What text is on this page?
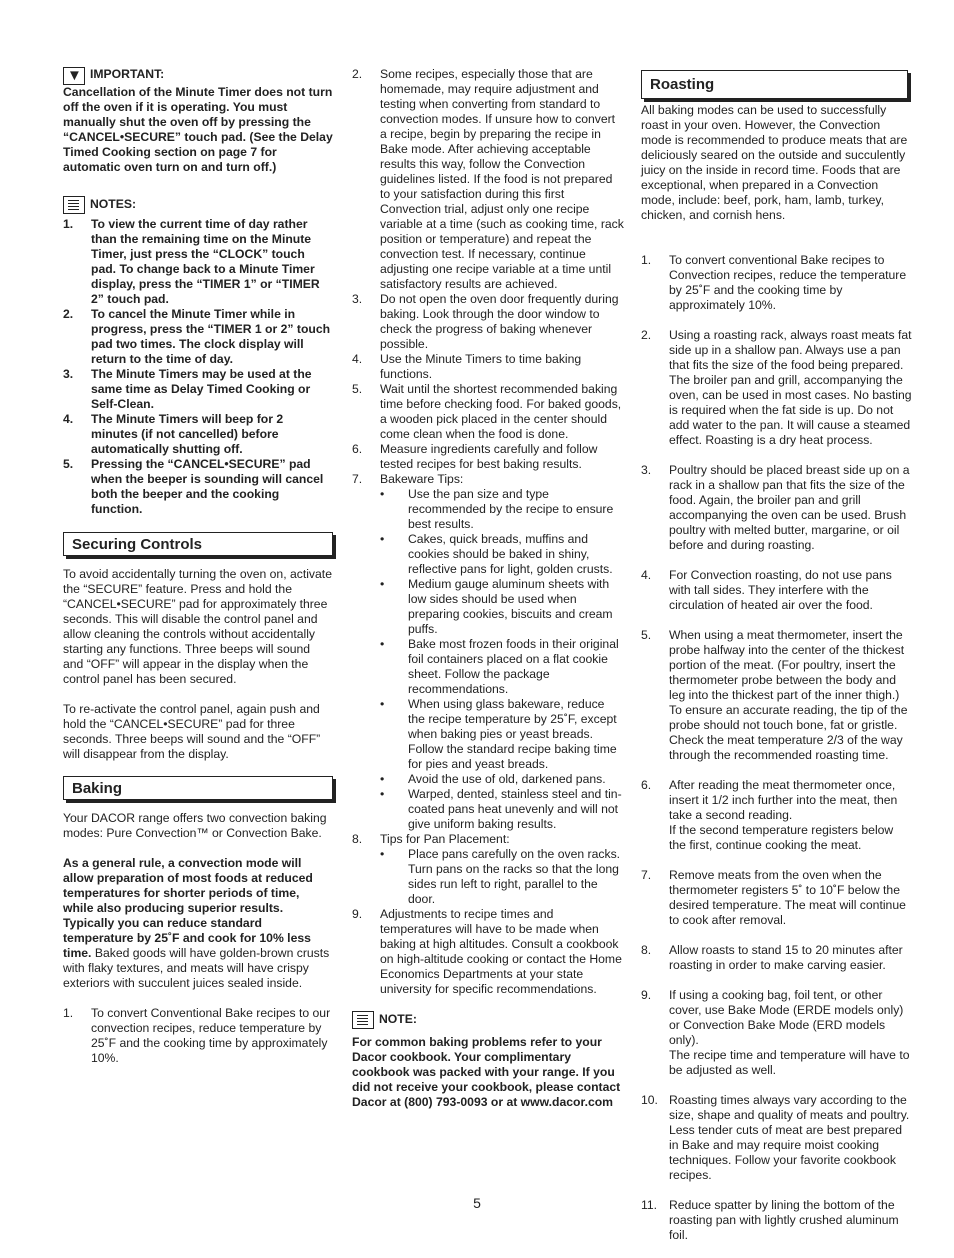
▼ IMPORTANT:

Cancellation of the Minute Timer does not turn off the oven if it is operating. You must manually shut the oven off by pressing the “CANCEL•SECURE” touch pad. (See the Delay Timed Cooking section on page 7 for automatic oven turn on and turn off.)

NOTES:
1. To view the current time of day rather than the remaining time on the Minute Timer, just press the “CLOCK” touch pad. To change back to a Minute Timer display, press the “TIMER 1” or “TIMER 2” touch pad.
2. To cancel the Minute Timer while in progress, press the “TIMER 1 or 2” touch pad two times. The clock display will return to the time of day.
3. The Minute Timers may be used at the same time as Delay Timed Cooking or Self-Clean.
4. The Minute Timers will beep for 2 minutes (if not cancelled) before automatically shutting off.
5. Pressing the “CANCEL•SECURE” pad when the beeper is sounding will cancel both the beeper and the cooking function.
Securing Controls

To avoid accidentally turning the oven on, activate the “SECURE” feature. Press and hold the “CANCEL•SECURE” pad for approximately three seconds. This will disable the control panel and allow cleaning the controls without accidentally starting any functions. Three beeps will sound and “OFF” will appear in the display when the control panel has been secured.

To re-activate the control panel, again push and hold the “CANCEL•SECURE” pad for three seconds. Three beeps will sound and the “OFF” will disappear from the display.

Baking

Your DACOR range offers two convection baking modes: Pure Convection™ or Convection Bake.

As a general rule, a convection mode will allow preparation of most foods at reduced temperatures for shorter periods of time, while also producing superior results. Typically you can reduce standard temperature by 25˚F and cook for 10% less time. Baked goods will have golden-brown crusts with flaky textures, and meats will have crispy exteriors with succulent juices sealed inside.

1. To convert Conventional Bake recipes to our convection recipes, reduce temperature by 25˚F and the cooking time by approximately 10%.
2. Some recipes, especially those that are homemade, may require adjustment and testing when converting from standard to convection modes. If unsure how to convert a recipe, begin by preparing the recipe in Bake mode. After achieving acceptable results this way, follow the Convection guidelines listed. If the food is not prepared to your satisfaction during this first Convection trial, adjust only one recipe variable at a time (such as cooking time, rack position or temperature) and repeat the convection test. If necessary, continue adjusting one recipe variable at a time until satisfactory results are achieved.
3. Do not open the oven door frequently during baking. Look through the door window to check the progress of baking whenever possible.
4. Use the Minute Timers to time baking functions.
5. Wait until the shortest recommended baking time before checking food. For baked goods, a wooden pick placed in the center should come clean when the food is done.
6. Measure ingredients carefully and follow tested recipes for best baking results.
7. Bakeware Tips:
• Use the pan size and type recommended by the recipe to ensure best results.
• Cakes, quick breads, muffins and cookies should be baked in shiny, reflective pans for light, golden crusts.
• Medium gauge aluminum sheets with low sides should be used when preparing cookies, biscuits and cream puffs.
• Bake most frozen foods in their original foil containers placed on a flat cookie sheet. Follow the package recommendations.
• When using glass bakeware, reduce the recipe temperature by 25˚F, except when baking pies or yeast breads. Follow the standard recipe baking time for pies and yeast breads.
• Avoid the use of old, darkened pans.
• Warped, dented, stainless steel and tin-coated pans heat unevenly and will not give uniform baking results.
8. Tips for Pan Placement:
• Place pans carefully on the oven racks. Turn pans on the racks so that the long sides run left to right, parallel to the door.
9. Adjustments to recipe times and temperatures will have to be made when baking at high altitudes. Consult a cookbook on high-altitude cooking or contact the Home Economics Departments at your state university for specific recommendations.
NOTE:

For common baking problems refer to your Dacor cookbook. Your complimentary cookbook was packed with your range. If you did not receive your cookbook, please contact Dacor at (800) 793-0093 or at www.dacor.com

Roasting

All baking modes can be used to successfully roast in your oven. However, the Convection mode is recommended to produce meats that are deliciously seared on the outside and succulently juicy on the inside in record time. Foods that are exceptional, when prepared in a Convection mode, include: beef, pork, ham, lamb, turkey, chicken, and cornish hens.

1. To convert conventional Bake recipes to Convection recipes, reduce the temperature by 25˚F and the cooking time by approximately 10%.

2. Using a roasting rack, always roast meats fat side up in a shallow pan. Always use a pan that fits the size of the food being prepared. The broiler pan and grill, accompanying the oven, can be used in most cases. No basting is required when the fat side is up. Do not add water to the pan. It will cause a steamed effect. Roasting is a dry heat process.

3. Poultry should be placed breast side up on a rack in a shallow pan that fits the size of the food. Again, the broiler pan and grill accompanying the oven can be used. Brush poultry with melted butter, margarine, or oil before and during roasting.

4. For Convection roasting, do not use pans with tall sides. They interfere with the circulation of heated air over the food.

5. When using a meat thermometer, insert the probe halfway into the center of the thickest portion of the meat. (For poultry, insert the thermometer probe between the body and leg into the thickest part of the inner thigh.) To ensure an accurate reading, the tip of the probe should not touch bone, fat or gristle. Check the meat temperature 2/3 of the way through the recommended roasting time.

6. After reading the meat thermometer once, insert it 1/2 inch further into the meat, then take a second reading.
If the second temperature registers below the first, continue cooking the meat.

7. Remove meats from the oven when the thermometer registers 5˚ to 10˚F below the desired temperature. The meat will continue to cook after removal.

8. Allow roasts to stand 15 to 20 minutes after roasting in order to make carving easier.

9. If using a cooking bag, foil tent, or other cover, use Bake Mode (ERDE models only) or Convection Bake Mode (ERD models only).
The recipe time and temperature will have to be adjusted as well.

10. Roasting times always vary according to the size, shape and quality of meats and poultry. Less tender cuts of meat are best prepared in Bake and may require moist cooking techniques. Follow your favorite cookbook recipes.

11. Reduce spatter by lining the bottom of the roasting pan with lightly crushed aluminum foil.

5
